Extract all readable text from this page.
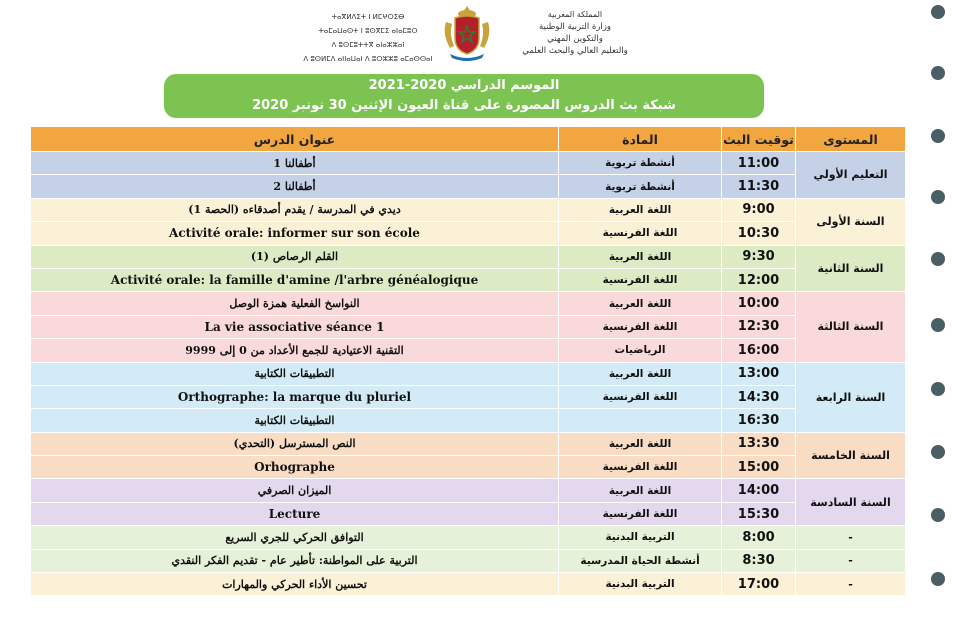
ⵜⴰⴳⵍⴷⵉⵜ ⵏ ⵍⵎⵖⵔⵉⴱ
ⵜⴰⵎⴰⵡⴰⵙⵜ ⵏ ⵓⵙⴳⵎⵉ ⴰⵏⴰⵎⵓⵔ
ⴷ ⵓⵙⵎⵓⵜⵜⴳ ⴰⵏⴰⵣⵣⴰⵏ
ⴷ ⵓⵙⵍⵎⴷ ⴰⵏⵏⴰⵡⴰⵏ ⴷ ⵓⵔⵣⵣⵓ ⴰⵎⴰⵙⵙⴰⵏ
المملكة المغربية
وزارة التربية الوطنية
والتكوين المهني
والتعليم العالي والبحث العلمي
الموسم الدراسي 2020-2021
شبكة بث الدروس المصورة على قناة العيون الإثنين 30 نونبر 2020
عنوان الدرس	المادة	توقيت البث	المستوى
أطفالنا 1	أنشطة تربوية	11:00	التعليم الأولي
أطفالنا 2	أنشطة تربوية	11:30	
ديدي في المدرسة / يقدم أصدقاءه (الحصة 1)	اللغة العربية	9:00	السنة الأولى
Activité orale: informer sur son école	اللغة الفرنسية	10:30	
القلم الرصاص (1)	اللغة العربية	9:30	السنة الثانية
Activité orale: la famille d'amine /l'arbre généalogique	اللغة الفرنسية	12:00	
النواسخ الفعلية همزة الوصل	اللغة العربية	10:00	السنة الثالثة
La vie associative séance 1	اللغة الفرنسية	12:30	
التقنية الاعتيادية للجمع الأعداد من 0 إلى 9999	الرياضيات	16:00	
التطبيقات الكتابية	اللغة العربية	13:00	السنة الرابعة
Orthographe: la marque du pluriel	اللغة الفرنسية	14:30	
التطبيقات الكتابية		16:30	
النص المسترسل (التحدي)	اللغة العربية	13:30	السنة الخامسة
Orhographe	اللغة الفرنسية	15:00	
الميزان الصرفي	اللغة العربية	14:00	السنة السادسة
Lecture	اللغة الفرنسية	15:30	
التوافق الحركي للجري السريع	التربية البدنية	8:00	-
التربية على المواطنة: تأطير عام - تقديم الفكر النقدي	أنشطة الحياة المدرسية	8:30	-
تحسين الأداء الحركي والمهارات	التربية البدنية	17:00	-
